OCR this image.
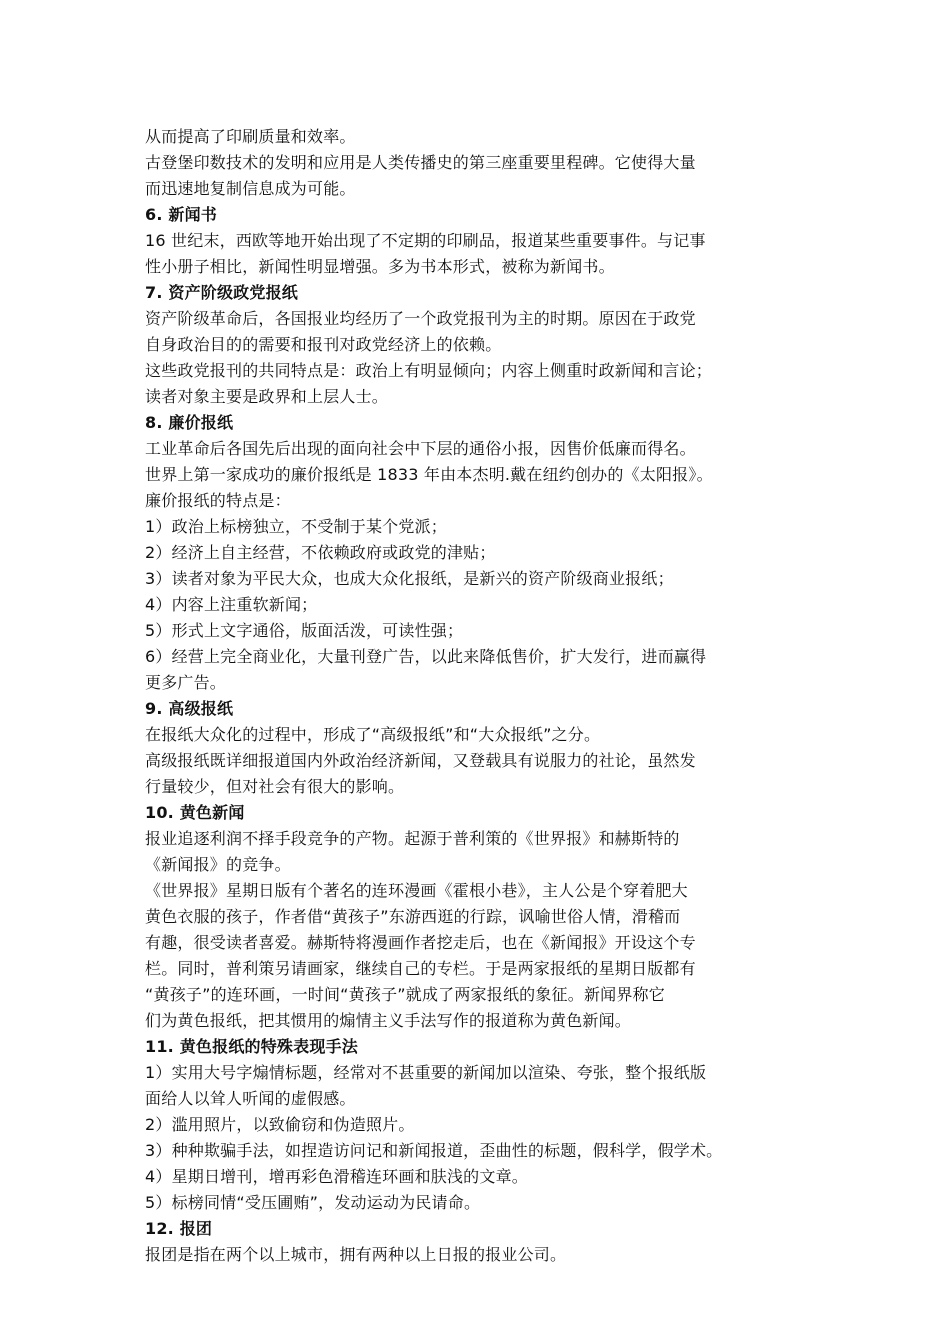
从而提高了印刷质量和效率。
古登堡印数技术的发明和应用是人类传播史的第三座重要里程碑。它使得大量
而迅速地复制信息成为可能。
6. 新闻书
16 世纪末，西欧等地开始出现了不定期的印刷品，报道某些重要事件。与记事
性小册子相比，新闻性明显增强。多为书本形式，被称为新闻书。
7. 资产阶级政党报纸
资产阶级革命后，各国报业均经历了一个政党报刊为主的时期。原因在于政党
自身政治目的的需要和报刊对政党经济上的依赖。
这些政党报刊的共同特点是：政治上有明显倾向；内容上侧重时政新闻和言论；
读者对象主要是政界和上层人士。
8. 廉价报纸
工业革命后各国先后出现的面向社会中下层的通俗小报，因售价低廉而得名。
世界上第一家成功的廉价报纸是 1833 年由本杰明.戴在纽约创办的《太阳报》。
廉价报纸的特点是：
1）政治上标榜独立，不受制于某个党派；
2）经济上自主经营，不依赖政府或政党的津贴；
3）读者对象为平民大众，也成大众化报纸，是新兴的资产阶级商业报纸；
4）内容上注重软新闻；
5）形式上文字通俗，版面活泼，可读性强；
6）经营上完全商业化，大量刊登广告，以此来降低售价，扩大发行，进而赢得
更多广告。
9. 高级报纸
在报纸大众化的过程中，形成了“高级报纸”和“大众报纸”之分。
高级报纸既详细报道国内外政治经济新闻，又登载具有说服力的社论，虽然发
行量较少，但对社会有很大的影响。
10. 黄色新闻
报业追逐利润不择手段竞争的产物。起源于普利策的《世界报》和赫斯特的
《新闻报》的竞争。
《世界报》星期日版有个著名的连环漫画《霍根小巷》，主人公是个穿着肥大
黄色衣服的孩子，作者借“黄孩子”东游西逛的行踪，讽喻世俗人情，滑稽而
有趣，很受读者喜爱。赫斯特将漫画作者挖走后，也在《新闻报》开设这个专
栏。同时，普利策另请画家，继续自己的专栏。于是两家报纸的星期日版都有
“黄孩子”的连环画，一时间“黄孩子”就成了两家报纸的象征。新闻界称它
们为黄色报纸，把其惯用的煽情主义手法写作的报道称为黄色新闻。
11. 黄色报纸的特殊表现手法
1）实用大号字煽情标题，经常对不甚重要的新闻加以渲染、夸张，整个报纸版
面给人以耸人听闻的虚假感。
2）滥用照片，以致偷窃和伪造照片。
3）种种欺骗手法，如捏造访问记和新闻报道，歪曲性的标题，假科学，假学术。
4）星期日增刊，增再彩色滑稽连环画和肤浅的文章。
5）标榜同情“受压圃贿”，发动运动为民请命。
12. 报团
报团是指在两个以上城市，拥有两种以上日报的报业公司。
